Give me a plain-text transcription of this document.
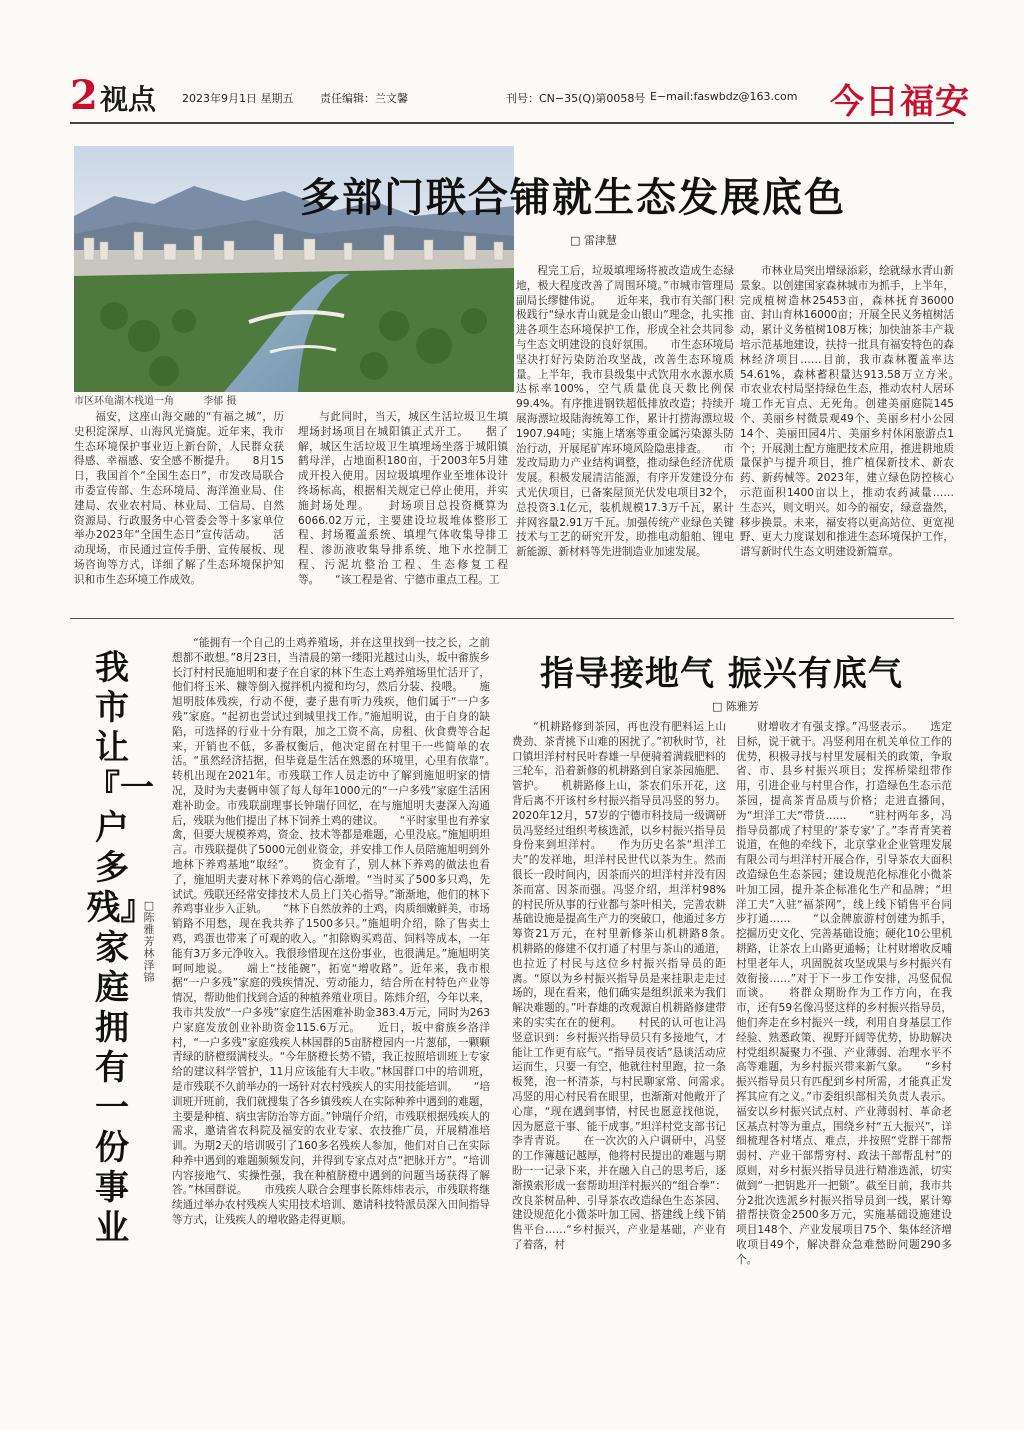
2 视点 2023年9月1日 星期五 责任编辑：兰文馨	刊号：CN−35(Q)第0058号 E−mail:faswbdz@163.com 今日福安
市区环龟湖木栈道一角	李郁 摄
多部门联合铺就生态发展底色
□ 雷津慧

福安，这座山海交融的“有福之城”，历史积淀深厚、山海风光旖旎。近年来，我市生态环境保护事业迈上新台阶，人民群众获得感、幸福感、安全感不断提升。　　8月15日，我国首个“全国生态日”，市发改局联合市委宣传部、生态环境局、海洋渔业局、住建局、农业农村局、林业局、工信局、自然资源局、行政服务中心管委会等十多家单位举办2023年“全国生态日”宣传活动。　　活动现场，市民通过宣传手册、宣传展板、现场咨询等方式，详细了解了生态环境保护知识和市生态环境工作成效。

与此同时，当天，城区生活垃圾卫生填埋场封场项目在城阳镇正式开工。　　据了解，城区生活垃圾卫生填埋场坐落于城阳镇鹤母洋，占地面积180亩，于2003年5月建成开投入使用。因垃圾填埋作业至堆体设计终场标高，根据相关规定已停止使用，并实施封场处理。　　封场项目总投资概算为6066.02万元，主要建设垃圾堆体整形工程、封场覆盖系统、填埋气体收集导排工程、渗沥液收集导排系统、地下水控制工程、污泥坑整治工程、生态修复工程等。　　“该工程是省、宁德市重点工程。工

程完工后，垃圾填埋场将被改造成生态绿地，极大程度改善了周围环境。”市城市管理局副局长缪健伟说。　　近年来，我市有关部门积极践行“绿水青山就是金山银山”理念，扎实推进各项生态环境保护工作，形成全社会共同参与生态文明建设的良好氛围。　　市生态环境局坚决打好污染防治攻坚战，改善生态环境质量。上半年，我市县级集中式饮用水水源水质达标率100%，空气质量优良天数比例保99.4%。有序推进钢铁超低排放改造；持续开展海漂垃圾陆海统筹工作，累计打捞海漂垃圾1907.94吨；实施上堵塞等重金属污染源头防治行动，开展尾矿库环境风险隐患排查。　　市发改局助力产业结构调整，推动绿色经济优质发展。积极发展清洁能源，有序开发建设分布式光伏项目，已备案屋顶光伏发电项目32个，总投资3.1亿元，装机规模17.3万千瓦，累计并网容量2.91万千瓦。加强传统产业绿色关键技术与工艺的研究开发，助推电动船舶、锂电新能源、新材料等先进制造业加速发展。

市林业局突出增绿添彩，绘就绿水青山新景象。以创建国家森林城市为抓手，上半年，完成植树造林25453亩，森林抚育36000亩、封山育林16000亩；开展全民义务植树活动，累计义务植树108万株；加快油茶丰产栽培示范基地建设，扶持一批具有福安特色的森林经济项目……目前，我市森林覆盖率达54.61%，森林蓄积量达913.58万立方米。　　市农业农村局坚持绿色生态，推动农村人居环境工作无盲点、无死角。创建美丽庭院145个、美丽乡村微景观49个、美丽乡村小公园14个、美丽田园4片、美丽乡村休闲旅游点1个；开展测土配方施肥技术应用，推进耕地质量保护与提升项目，推广植保新技术、新农药、新药械等。2023年，建立绿色防控核心示范面积1400亩以上，推动农药减量……　　生态兴，则文明兴。如今的福安，绿意盎然，移步换景。未来，福安将以更高站位、更宽视野、更大力度谋划和推进生态环境保护工作，谱写新时代生态文明建设新篇章。

我市让『一户多残』家庭拥有一份事业
□ 陈雅芳 林泽锦

“能拥有一个自己的土鸡养殖场，并在这里找到一技之长，之前想都不敢想。”8月23日，当清晨的第一缕阳光越过山头，坂中畲族乡长汀村村民施旭明和妻子在自家的林下生态土鸡养殖场里忙活开了，他们将玉米、糠等倒入搅拌机内搅和均匀，然后分装、投喂。　　施旭明肢体残疾，行动不便，妻子患有听力残疾，他们属于“一户多残”家庭。“起初也尝试过到城里找工作。”施旭明说，由于自身的缺陷，可选择的行业十分有限，加之工资不高，房租、伙食费等合起来，开销也不低，多番权衡后，他决定留在村里干一些简单的农活。“虽然经济拮据，但毕竟是生活在熟悉的环境里，心里有依靠”。　　转机出现在2021年。市残联工作人员走访中了解到施旭明家的情况，及时为夫妻俩申领了每人每年1000元的“一户多残”家庭生活困难补助金。市残联副理事长钟瑞仔回忆，在与施旭明夫妻深入沟通后，残联为他们提出了林下饲养土鸡的建议。　　“平时家里也有养家禽，但要大规模养鸡，资金、技术等都是难题，心里没底。”施旭明坦言。市残联提供了5000元创业资金，并安排工作人员陪施旭明到外地林下养鸡基地“取经”。　　资金有了，别人林下养鸡的做法也看了，施旭明夫妻对林下养鸡的信心渐增。“当时买了500多只鸡，先试试。残联还经常安排技术人员上门关心指导。”渐渐地，他们的林下养鸡事业步入正轨。　　“林下自然放养的土鸡，肉质细嫩鲜美，市场销路不用愁，现在我共养了1500多只。”施旭明介绍，除了售卖土鸡，鸡蛋也带来了可观的收入。“扣除购买鸡苗、饲料等成本，一年能有3万多元净收入。我很珍惜现在这份事业，也很满足。”施旭明笑呵呵地说。　　端上“技能碗”，拓宽“增收路”。近年来，我市根据“一户多残”家庭的残疾情况、劳动能力，结合所在村特色产业等情况，帮助他们找到合适的种植养殖业项目。陈炜介绍，今年以来，我市共发放“一户多残”家庭生活困难补助金383.4万元，同时为263户家庭发放创业补助资金115.6万元。　　近日，坂中畲族乡洛洋村，“一户多残”家庭残疾人林国群的5亩脐橙园内一片葱郁，一颗颗青绿的脐橙缀满枝头。“今年脐橙长势不错，我正按照培训班上专家给的建议科学管护，11月应该能有大丰收。”林国群口中的培训班，是市残联不久前举办的一场针对农村残疾人的实用技能培训。　　“培训班开班前，我们就搜集了各乡镇残疾人在实际种养中遇到的难题，主要是种植、病虫害防治等方面。”钟瑞仔介绍，市残联根据残疾人的需求，邀请省农科院及福安的农业专家、农技推广员，开展精准培训。为期2天的培训吸引了160多名残疾人参加，他们对自己在实际种养中遇到的难题频频发问，并得到专家点对点“把脉开方”。“培训内容接地气、实操性强，我在种植脐橙中遇到的问题当场获得了解答。”林国群说。　　市残疾人联合会理事长陈炜炜表示，市残联将继续通过举办农村残疾人实用技术培训、邀请科技特派员深入田间指导等方式，让残疾人的增收路走得更顺。

指导接地气 振兴有底气
□ 陈雅芳

“机耕路修到茶园，再也没有肥料运上山费劲、茶青挑下山难的困扰了。”初秋时节，社口镇坦洋村村民叶春雄一早便骑着满载肥料的三轮车，沿着新修的机耕路到自家茶园施肥、管护。　　机耕路修上山，茶农们乐开花，这背后离不开该村乡村振兴指导员冯竖的努力。2020年12月，57岁的宁德市科技局一级调研员冯竖经过组织考核选派，以乡村振兴指导员身份来到坦洋村。　　作为历史名茶“坦洋工夫”的发祥地，坦洋村民世代以茶为生。然而很长一段时间内，因茶而兴的坦洋村并没有因茶而富、因茶而强。冯竖介绍，坦洋村98%的村民所从事的行业都与茶叶相关，完善农耕基础设施是提高生产力的突破口，他通过多方筹资21万元，在村里新修茶山机耕路8条。　　机耕路的修建不仅打通了村里与茶山的通道，也拉近了村民与这位乡村振兴指导员的距离。“原以为乡村振兴指导员是来挂职走走过场的，现在看来，他们确实是组织派来为我们解决难题的。”叶春雄的改观源自机耕路修建带来的实实在在的便利。　　村民的认可也让冯竖意识到：乡村振兴指导员只有多接地气，才能让工作更有底气。“指导员夜话”恳谈活动应运而生，只要一有空，他就往村里跑，拉一条板凳，泡一杯清茶，与村民聊家常、问需求。　　冯竖的用心村民看在眼里，也渐渐对他敞开了心扉，“现在遇到事情，村民也愿意找他说，因为愿意干事、能干成事。”坦洋村党支部书记李青青说。　　在一次次的入户调研中，冯竖的工作簿越记越厚，他将村民提出的难题与期盼一一记录下来，并在融入自己的思考后，逐渐摸索形成一套帮助坦洋村振兴的“组合拳”：改良茶树品种、引导茶农改造绿色生态茶园、建设规范化小微茶叶加工园、搭建线上线下销售平台……“乡村振兴，产业是基础，产业有了着落，村

财增收才有强支撑。”冯竖表示。　　选定目标，说干就干。冯竖利用在机关单位工作的优势，积极寻找与村里发展相关的政策，争取省、市、县乡村振兴项目；发挥桥梁纽带作用，引进企业与村里合作，打造绿色生态示范茶园，提高茶青品质与价格；走进直播间，为“坦洋工夫”带货……　　“驻村两年多，冯指导员都成了村里的‘茶专家’了。”李青青笑着说道，在他的牵线下，北京掌业企业管理发展有限公司与坦洋村开展合作，引导茶农大面积改造绿色生态茶园；建设规范化标准化小微茶叶加工园，提升茶企标准化生产和品牌；“坦洋工夫”入驻“福茶网”，线上线下销售平台同步打通……　　“以金牌旅游村创建为抓手，挖掘历史文化、完善基础设施；硬化10公里机耕路，让茶农上山路更通畅；让村财增收反哺村里老年人，巩固脱贫攻坚成果与乡村振兴有效衔接……”对于下一步工作安排，冯竖侃侃而谈。　　将群众期盼作为工作方向，在我市，还有59名像冯竖这样的乡村振兴指导员，他们奔走在乡村振兴一线，利用自身基层工作经验、熟悉政策、视野开阔等优势，协助解决村党组织凝聚力不强、产业薄弱、治理水平不高等难题，为乡村振兴带来新气象。　　“乡村振兴指导员只有匹配到乡村所需，才能真正发挥其应有之义。”市委组织部相关负责人表示。福安以乡村振兴试点村、产业薄弱村、革命老区基点村等为重点，围绕乡村“五大振兴”，详细梳理各村堵点、难点，并按照“党群干部帮弱村、产业干部帮穷村、政法干部帮乱村”的原则，对乡村振兴指导员进行精准选派，切实做到“一把钥匙开一把锁”。截至目前，我市共分2批次选派乡村振兴指导员到一线，累计筹措帮扶资金2500多万元，实施基础设施建设项目148个、产业发展项目75个、集体经济增收项目49个，解决群众急难愁盼问题290多个。
